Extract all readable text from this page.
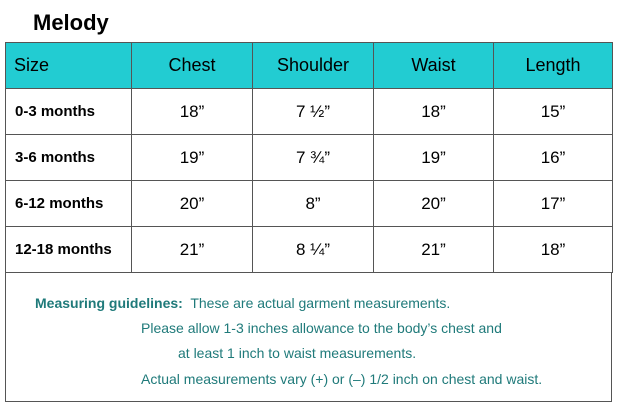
Melody
Size	Chest	Shoulder	Waist	Length
0-3 months	18”	7 ½”	18”	15”
3-6 months	19”	7 ¾”	19”	16”
6-12 months	20”	8”	20”	17”
12-18 months	21”	8 ¼”	21”	18”
Measuring guidelines: These are actual garment measurements.
Please allow 1-3 inches allowance to the body’s chest and
at least 1 inch to waist measurements.
Actual measurements vary (+) or (–) 1/2 inch on chest and waist.
